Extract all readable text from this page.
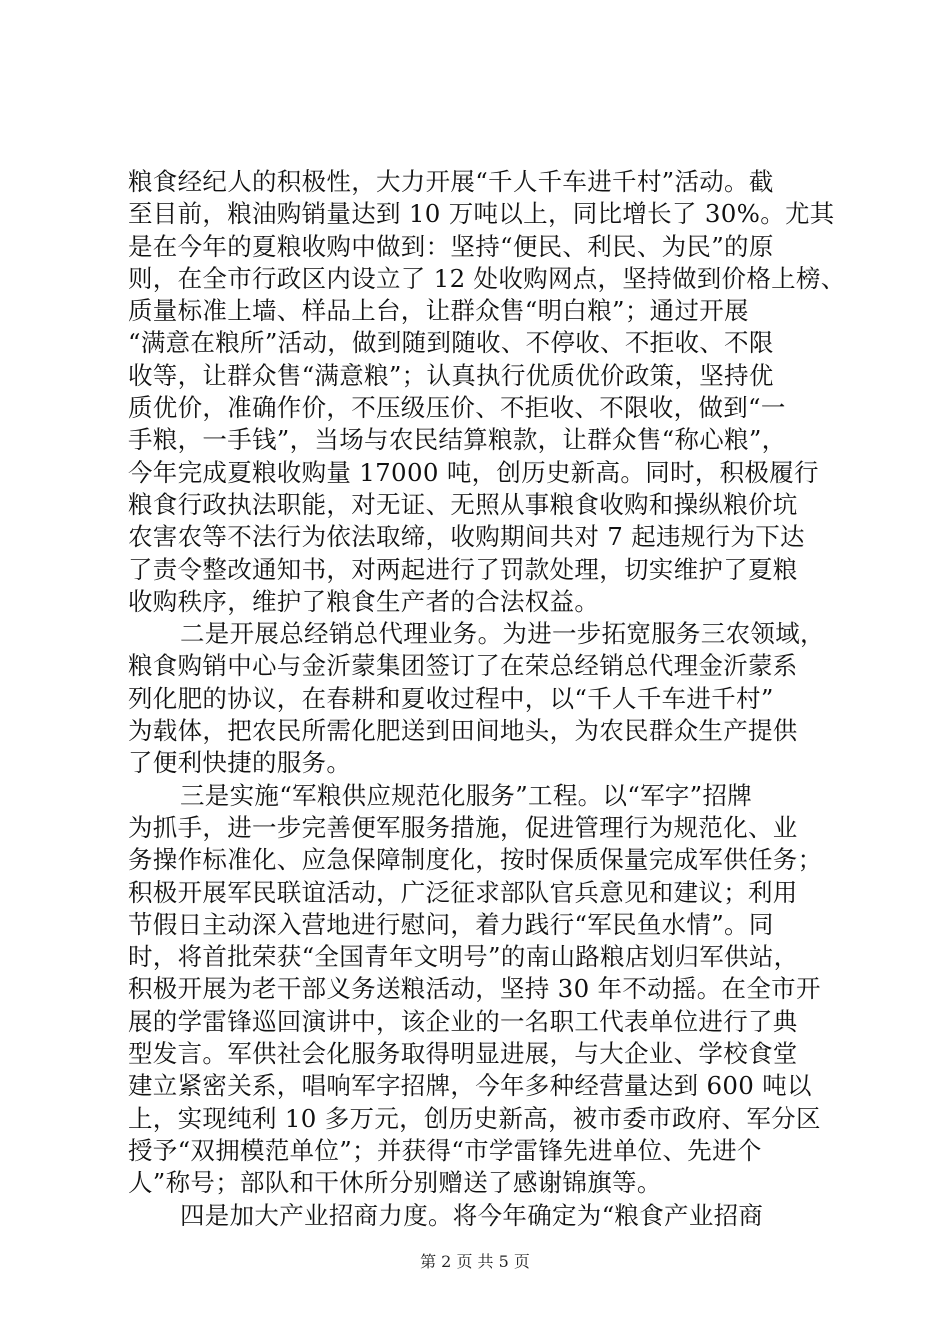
粮食经纪人的积极性，大力开展“千人千车进千村”活动。截
至目前，粮油购销量达到 10 万吨以上，同比增长了 30%。尤其
是在今年的夏粮收购中做到：坚持“便民、利民、为民”的原
则，在全市行政区内设立了 12 处收购网点，坚持做到价格上榜、
质量标准上墙、样品上台，让群众售“明白粮”；通过开展
“满意在粮所”活动，做到随到随收、不停收、不拒收、不限
收等，让群众售“满意粮”；认真执行优质优价政策，坚持优
质优价，准确作价，不压级压价、不拒收、不限收，做到“一
手粮，一手钱”，当场与农民结算粮款，让群众售“称心粮”，
今年完成夏粮收购量 17000 吨，创历史新高。同时，积极履行
粮食行政执法职能，对无证、无照从事粮食收购和操纵粮价坑
农害农等不法行为依法取缔，收购期间共对 7 起违规行为下达
了责令整改通知书，对两起进行了罚款处理，切实维护了夏粮
收购秩序，维护了粮食生产者的合法权益。
二是开展总经销总代理业务。为进一步拓宽服务三农领域，
粮食购销中心与金沂蒙集团签订了在荣总经销总代理金沂蒙系
列化肥的协议，在春耕和夏收过程中，以“千人千车进千村”
为载体，把农民所需化肥送到田间地头，为农民群众生产提供
了便利快捷的服务。
三是实施“军粮供应规范化服务”工程。以“军字”招牌
为抓手，进一步完善便军服务措施，促进管理行为规范化、业
务操作标准化、应急保障制度化，按时保质保量完成军供任务；
积极开展军民联谊活动，广泛征求部队官兵意见和建议；利用
节假日主动深入营地进行慰问，着力践行“军民鱼水情”。同
时，将首批荣获“全国青年文明号”的南山路粮店划归军供站，
积极开展为老干部义务送粮活动，坚持 30 年不动摇。在全市开
展的学雷锋巡回演讲中，该企业的一名职工代表单位进行了典
型发言。军供社会化服务取得明显进展，与大企业、学校食堂
建立紧密关系，唱响军字招牌，今年多种经营量达到 600 吨以
上，实现纯利 10 多万元，创历史新高，被市委市政府、军分区
授予“双拥模范单位”；并获得“市学雷锋先进单位、先进个
人”称号；部队和干休所分别赠送了感谢锦旗等。
四是加大产业招商力度。将今年确定为“粮食产业招商
第 2 页 共 5 页
